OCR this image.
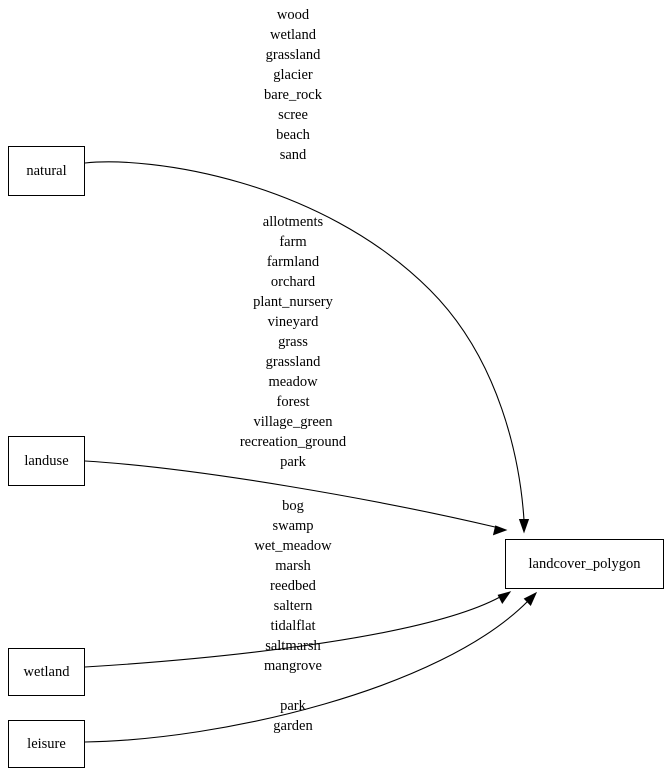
wood
wetland
grassland
glacier
bare_rock
scree
beach
sand
allotments
farm
farmland
orchard
plant_nursery
vineyard
grass
grassland
meadow
forest
village_green
recreation_ground
park
bog
swamp
wet_meadow
marsh
reedbed
saltern
tidalflat
saltmarsh
mangrove
park
garden
natural
landuse
wetland
leisure
landcover_polygon
